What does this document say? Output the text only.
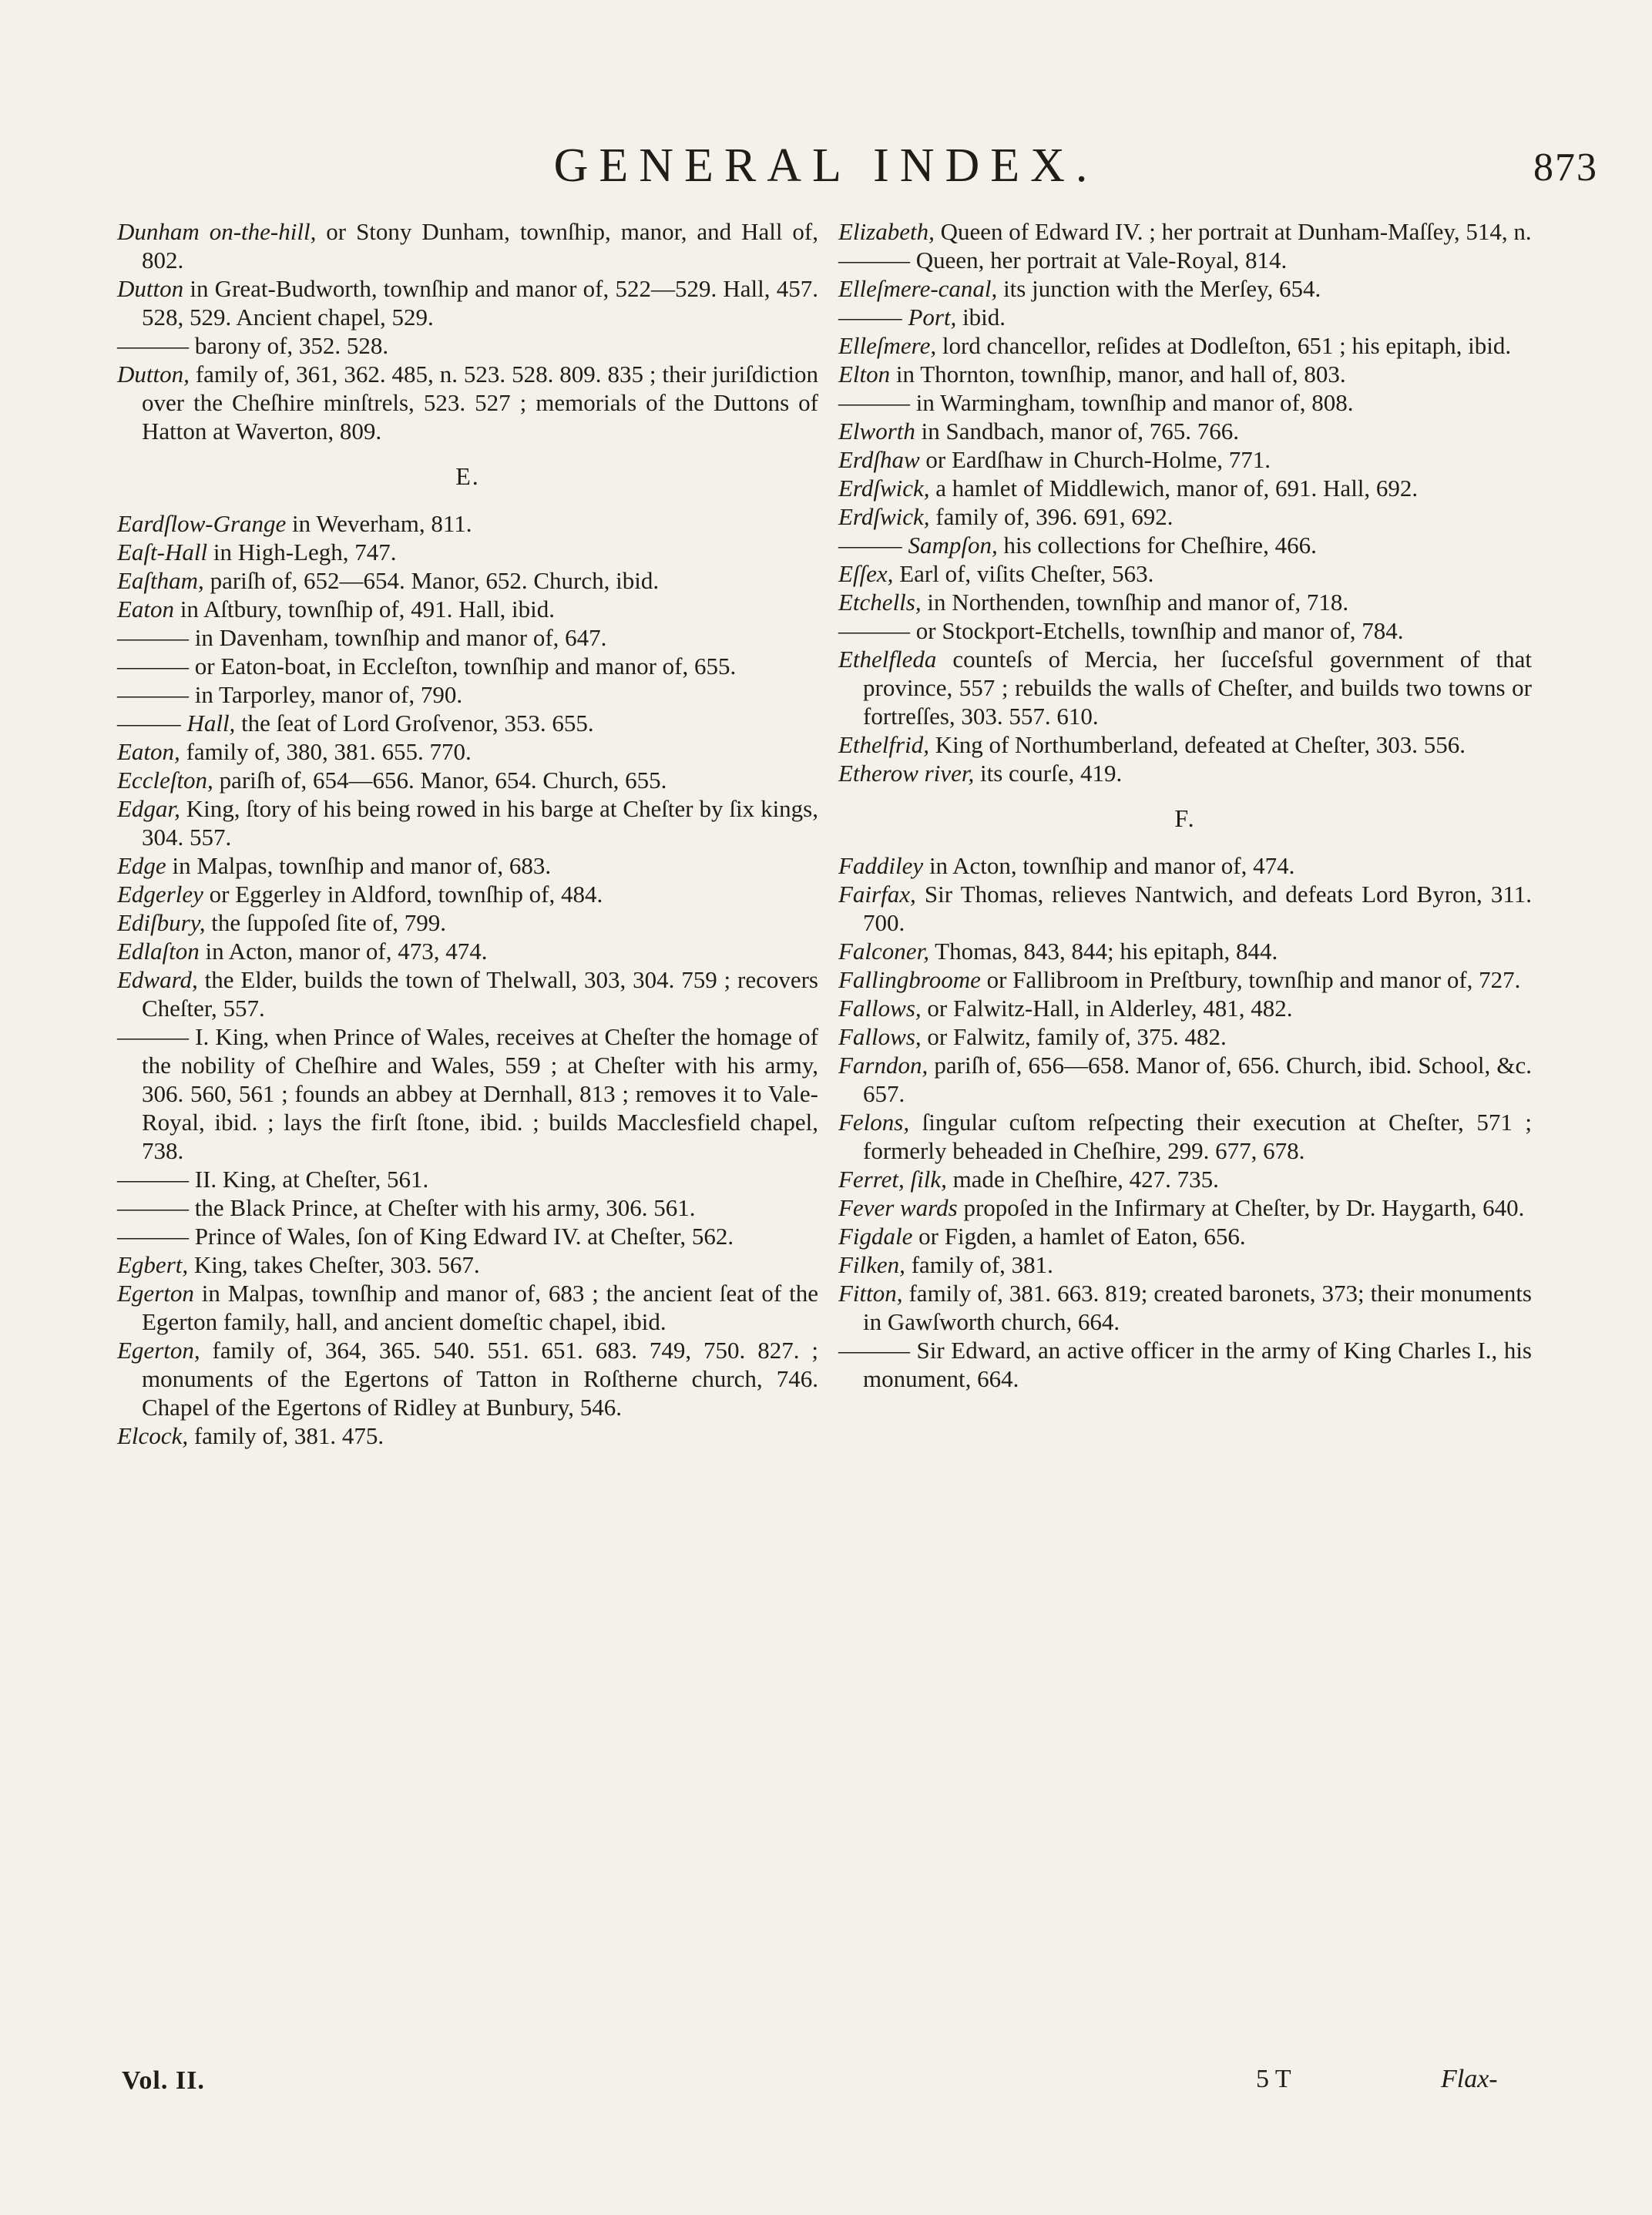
GENERAL INDEX.	873

Dunham on-the-hill, or Stony Dunham, townſhip, manor, and Hall of, 802.

Dutton in Great-Budworth, townſhip and manor of, 522—529. Hall, 457. 528, 529. Ancient chapel, 529.

——— barony of, 352. 528.

Dutton, family of, 361, 362. 485, n. 523. 528. 809. 835 ; their juriſdiction over the Cheſhire minſtrels, 523. 527 ; memorials of the Duttons of Hatton at Waverton, 809.

E.

Eardſlow-Grange in Weverham, 811.

Eaſt-Hall in High-Legh, 747.

Eaſtham, pariſh of, 652—654. Manor, 652. Church, ibid.

Eaton in Aſtbury, townſhip of, 491. Hall, ibid.

——— in Davenham, townſhip and manor of, 647.

——— or Eaton-boat, in Eccleſton, townſhip and manor of, 655.

——— in Tarporley, manor of, 790.

——— Hall, the ſeat of Lord Groſvenor, 353. 655.

Eaton, family of, 380, 381. 655. 770.

Eccleſton, pariſh of, 654—656. Manor, 654. Church, 655.

Edgar, King, ſtory of his being rowed in his barge at Cheſter by ſix kings, 304. 557.

Edge in Malpas, townſhip and manor of, 683.

Edgerley or Eggerley in Aldford, townſhip of, 484.

Ediſbury, the ſuppoſed ſite of, 799.

Edlaſton in Acton, manor of, 473, 474.

Edward, the Elder, builds the town of Thelwall, 303, 304. 759 ; recovers Cheſter, 557.

——— I. King, when Prince of Wales, receives at Cheſter the homage of the nobility of Cheſhire and Wales, 559 ; at Cheſter with his army, 306. 560, 561 ; founds an abbey at Dernhall, 813 ; removes it to Vale-Royal, ibid. ; lays the firſt ſtone, ibid. ; builds Macclesfield chapel, 738.

——— II. King, at Cheſter, 561.

——— the Black Prince, at Cheſter with his army, 306. 561.

——— Prince of Wales, ſon of King Edward IV. at Cheſter, 562.

Egbert, King, takes Cheſter, 303. 567.

Egerton in Malpas, townſhip and manor of, 683 ; the ancient ſeat of the Egerton family, hall, and ancient domeſtic chapel, ibid.

Egerton, family of, 364, 365. 540. 551. 651. 683. 749, 750. 827. ; monuments of the Egertons of Tatton in Roſtherne church, 746. Chapel of the Egertons of Ridley at Bunbury, 546.

Elcock, family of, 381. 475.

Elizabeth, Queen of Edward IV. ; her portrait at Dunham-Maſſey, 514, n.

——— Queen, her portrait at Vale-Royal, 814.

Elleſmere-canal, its junction with the Merſey, 654.

——— Port, ibid.

Elleſmere, lord chancellor, reſides at Dodleſton, 651 ; his epitaph, ibid.

Elton in Thornton, townſhip, manor, and hall of, 803.

——— in Warmingham, townſhip and manor of, 808.

Elworth in Sandbach, manor of, 765. 766.

Erdſhaw or Eardſhaw in Church-Holme, 771.

Erdſwick, a hamlet of Middlewich, manor of, 691. Hall, 692.

Erdſwick, family of, 396. 691, 692.

——— Sampſon, his collections for Cheſhire, 466.

Eſſex, Earl of, viſits Cheſter, 563.

Etchells, in Northenden, townſhip and manor of, 718.

——— or Stockport-Etchells, townſhip and manor of, 784.

Ethelfleda counteſs of Mercia, her ſucceſsful government of that province, 557 ; rebuilds the walls of Cheſter, and builds two towns or fortreſſes, 303. 557. 610.

Ethelfrid, King of Northumberland, defeated at Cheſter, 303. 556.

Etherow river, its courſe, 419.

F.

Faddiley in Acton, townſhip and manor of, 474.

Fairfax, Sir Thomas, relieves Nantwich, and defeats Lord Byron, 311. 700.

Falconer, Thomas, 843, 844; his epitaph, 844.

Fallingbroome or Fallibroom in Preſtbury, townſhip and manor of, 727.

Fallows, or Falwitz-Hall, in Alderley, 481, 482.

Fallows, or Falwitz, family of, 375. 482.

Farndon, pariſh of, 656—658. Manor of, 656. Church, ibid. School, &c. 657.

Felons, ſingular cuſtom reſpecting their execution at Cheſter, 571 ; formerly beheaded in Cheſhire, 299. 677, 678.

Ferret, ſilk, made in Cheſhire, 427. 735.

Fever wards propoſed in the Infirmary at Cheſter, by Dr. Haygarth, 640.

Figdale or Figden, a hamlet of Eaton, 656.

Filken, family of, 381.

Fitton, family of, 381. 663. 819; created baronets, 373; their monuments in Gawſworth church, 664.

——— Sir Edward, an active officer in the army of King Charles I., his monument, 664.

Vol. II.	5 T	Flax-
